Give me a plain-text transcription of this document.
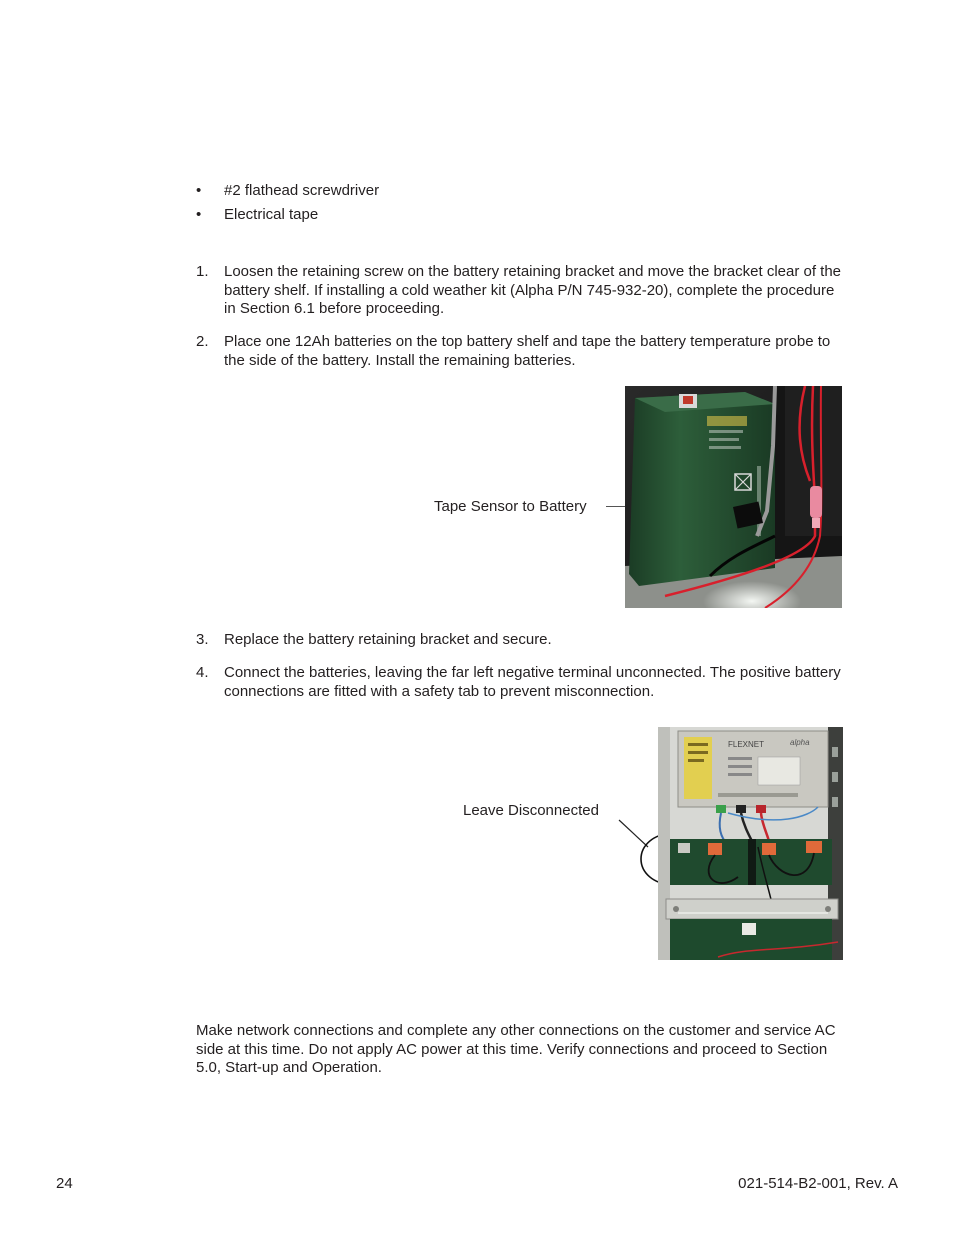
•	#2 flathead screwdriver
•	Electrical tape
1.	Loosen the retaining screw on the battery retaining bracket and move the bracket clear of the battery shelf. If installing a cold weather kit (Alpha P/N 745-932-20), complete the procedure in Section 6.1 before proceeding.
2.	Place one 12Ah batteries on the top battery shelf and tape the battery temperature probe to the side of the battery. Install the remaining batteries.
Tape Sensor to Battery
3.	Replace the battery retaining bracket and secure.
4.	Connect the batteries, leaving the far left negative terminal unconnected. The positive battery connections are fitted with a safety tab to prevent misconnection.
Leave Disconnected
FLEXNET	alpha
Make network connections and complete any other connections on the customer and service AC side at this time. Do not apply AC power at this time. Verify connections and proceed to Section 5.0, Start-up and Operation.
24	021-514-B2-001, Rev. A
